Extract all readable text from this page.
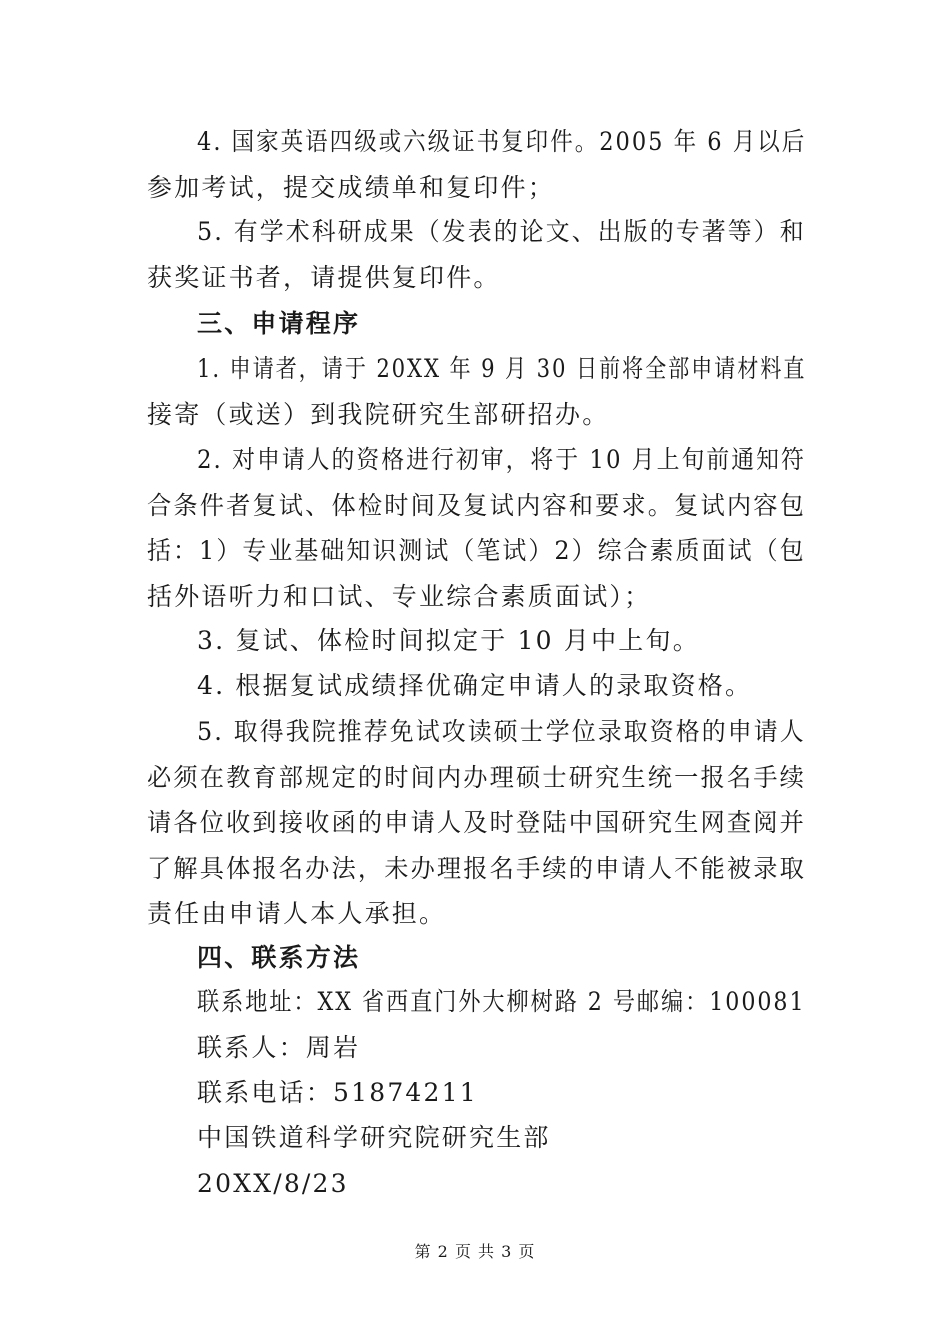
4. 国家英语四级或六级证书复印件。2005 年 6 月以后
参加考试，提交成绩单和复印件；
5. 有学术科研成果（发表的论文、出版的专著等）和
获奖证书者，请提供复印件。
三、申请程序
1. 申请者，请于 20XX 年 9 月 30 日前将全部申请材料直
接寄（或送）到我院研究生部研招办。
2. 对申请人的资格进行初审，将于 10 月上旬前通知符
合条件者复试、体检时间及复试内容和要求。复试内容包
括：1）专业基础知识测试（笔试）2）综合素质面试（包
括外语听力和口试、专业综合素质面试）；
3. 复试、体检时间拟定于 10 月中上旬。
4. 根据复试成绩择优确定申请人的录取资格。
5. 取得我院推荐免试攻读硕士学位录取资格的申请人
必须在教育部规定的时间内办理硕士研究生统一报名手续
请各位收到接收函的申请人及时登陆中国研究生网查阅并
了解具体报名办法，未办理报名手续的申请人不能被录取
责任由申请人本人承担。
四、联系方法
联系地址：XX 省西直门外大柳树路 2 号邮编：100081
联系人：周岩
联系电话：51874211
中国铁道科学研究院研究生部
20XX/8/23
第 2 页 共 3 页
